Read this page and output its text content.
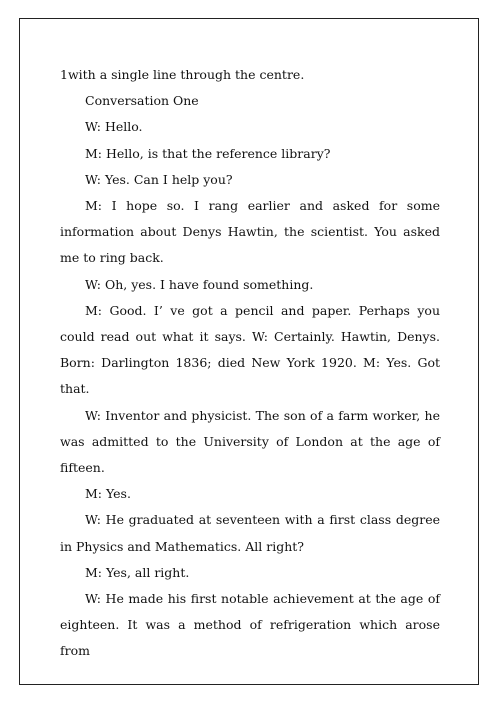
1with a single line through the centre.

Conversation One

W: Hello.

M: Hello, is that the reference library?

W: Yes. Can I help you?

M: I hope so. I rang earlier and asked for some information about Denys Hawtin, the scientist. You asked me to ring back.

W: Oh, yes. I have found something.

M: Good. I’ ve got a pencil and paper. Perhaps you could read out what it says. W: Certainly. Hawtin, Denys. Born: Darlington 1836; died New York 1920. M: Yes. Got that.

W: Inventor and physicist. The son of a farm worker, he was admitted to the University of London at the age of fifteen.

M: Yes.

W: He graduated at seventeen with a first class degree in Physics and Mathematics. All right?

M: Yes, all right.

W: He made his first notable achievement at the age of eighteen. It was a method of refrigeration which arose from
